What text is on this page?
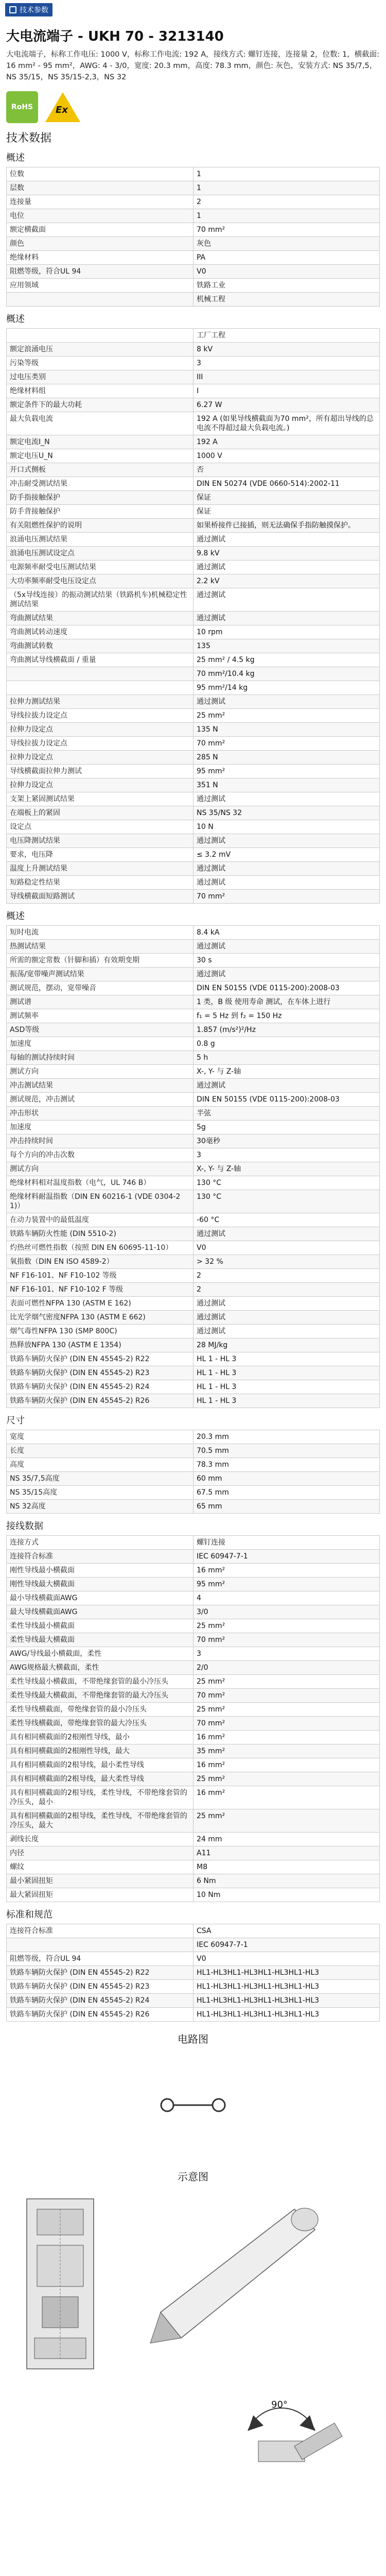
技术参数
大电流端子 - UKH 70 - 3213140

大电流端子，标称工作电压: 1000 V，标称工作电流: 192 A，接线方式: 螺钉连接，连接量 2，位数: 1，横截面: 16 mm² - 95 mm²，AWG: 4 - 3/0，宽度: 20.3 mm，高度: 78.3 mm，颜色: 灰色，安装方式: NS 35/7,5，NS 35/15，NS 35/15-2,3，NS 32

RoHS Ex
技术数据
概述
位数	1
层数	1
连接量	2
电位	1
额定横截面	70 mm²
颜色	灰色
绝缘材料	PA
阻燃等级，符合UL 94	V0
应用领域	铁路工业
	机械工程
概述
	工厂工程
额定浪涌电压	8 kV
污染等级	3
过电压类别	III
绝缘材料组	I
额定条件下的最大功耗	6.27 W
最大负载电流	192 A (如果导线横截面为70 mm²，所有超出导线的总电流不得超过最大负载电流。)
额定电流I_N	192 A
额定电压U_N	1000 V
开口式侧板	否
冲击耐受测试结果	DIN EN 50274 (VDE 0660-514):2002-11
防手指接触保护	保证
防手背接触保护	保证
有关阻燃性保护的说明	如果桥接件已接插，则无法确保手指防触摸保护。
浪涌电压测试结果	通过测试
浪涌电压测试设定点	9.8 kV
电源频率耐受电压测试结果	通过测试
大功率频率耐受电压设定点	2.2 kV
（5x导线连接）的振动测试结果（铁路机车)机械稳定性测试结果	通过测试
弯曲测试结果	通过测试
弯曲测试转动速度	10 rpm
弯曲测试转数	135
弯曲测试导线横截面 / 重量	25 mm² / 4.5 kg
	70 mm²/10.4 kg
	95 mm²/14 kg
拉伸力测试结果	通过测试
导线拉拔力设定点	25 mm²
拉伸力设定点	135 N
导线拉拔力设定点	70 mm²
拉伸力设定点	285 N
导线横截面拉伸力测试	95 mm²
拉伸力设定点	351 N
支架上紧固测试结果	通过测试
在端板上的紧固	NS 35/NS 32
设定点	10 N
电压降测试结果	通过测试
要求，电压降	≤ 3.2 mV
温度上升测试结果	通过测试
短路稳定性结果	通过测试
导线横截面短路测试	70 mm²
概述
短时电流	8.4 kA
热测试结果	通过测试
所需的额定常数（针脚和插）有效期变期	30 s
振荡/宽带噪声测试结果	通过测试
测试规范，摆动，宽带噪音	DIN EN 50155 (VDE 0115-200):2008-03
测试谱	1 类，B 级 使用寿命 测试，在车体上进行
测试频率	f₁ = 5 Hz 到 f₂ = 150 Hz
ASD等级	1.857 (m/s²)²/Hz
加速度	0.8 g
每轴的测试持续时间	5 h
测试方向	X-, Y- 与 Z-轴
冲击测试结果	通过测试
测试规范，冲击测试	DIN EN 50155 (VDE 0115-200):2008-03
冲击形状	半弦
加速度	5g
冲击持续时间	30毫秒
每个方向的冲击次数	3
测试方向	X-, Y- 与 Z-轴
绝缘材料相对温度指数（电气，UL 746 B）	130 °C
绝缘材料耐温指数（DIN EN 60216-1 (VDE 0304-21)）	130 °C
在动力装置中的最低温度	-60 °C
铁路车辆防火性能 (DIN 5510-2)	通过测试
灼热丝可燃性指数（按照 DIN EN 60695-11-10）	V0
氧指数（DIN EN ISO 4589-2）	> 32 %
NF F16-101、NF F10-102 等级	2
NF F16-101、NF F10-102 F 等级	2
表面可燃性NFPA 130 (ASTM E 162)	通过测试
比光学烟气密度NFPA 130 (ASTM E 662)	通过测试
烟气毒性NFPA 130 (SMP 800C)	通过测试
热释放NFPA 130 (ASTM E 1354)	28 MJ/kg
铁路车辆防火保护 (DIN EN 45545-2) R22	HL 1 - HL 3
铁路车辆防火保护 (DIN EN 45545-2) R23	HL 1 - HL 3
铁路车辆防火保护 (DIN EN 45545-2) R24	HL 1 - HL 3
铁路车辆防火保护 (DIN EN 45545-2) R26	HL 1 - HL 3
尺寸
宽度	20.3 mm
长度	70.5 mm
高度	78.3 mm
NS 35/7,5高度	60 mm
NS 35/15高度	67.5 mm
NS 32高度	65 mm
接线数据
连接方式	螺钉连接
连接符合标准	IEC 60947-7-1
刚性导线最小横截面	16 mm²
刚性导线最大横截面	95 mm²
最小导线横截面AWG	4
最大导线横截面AWG	3/0
柔性导线最小横截面	25 mm²
柔性导线最大横截面	70 mm²
AWG/导线最小横截面，柔性	3
AWG规格最大横截面，柔性	2/0
柔性导线最小横截面，不带绝缘套管的最小冷压头	25 mm²
柔性导线最大横截面，不带绝缘套管的最大冷压头	70 mm²
柔性导线横截面，带绝缘套管的最小冷压头	25 mm²
柔性导线横截面，带绝缘套管的最大冷压头	70 mm²
具有相同横截面的2根刚性导线，最小	16 mm²
具有相同横截面的2根刚性导线，最大	35 mm²
具有相同横截面的2根导线，最小柔性导线	16 mm²
具有相同横截面的2根导线，最大柔性导线	25 mm²
具有相同横截面的2根导线，柔性导线，不带绝缘套管的冷压头，最小	16 mm²
具有相同横截面的2根导线，柔性导线，不带绝缘套管的冷压头，最大	25 mm²
剥线长度	24 mm
内径	A11
螺纹	M8
最小紧固扭矩	6 Nm
最大紧固扭矩	10 Nm
标准和规范
连接符合标准	CSA
	IEC 60947-7-1
阻燃等级，符合UL 94	V0
铁路车辆防火保护 (DIN EN 45545-2) R22	HL1-HL3HL1-HL3HL1-HL3HL1-HL3
铁路车辆防火保护 (DIN EN 45545-2) R23	HL1-HL3HL1-HL3HL1-HL3HL1-HL3
铁路车辆防火保护 (DIN EN 45545-2) R24	HL1-HL3HL1-HL3HL1-HL3HL1-HL3
铁路车辆防火保护 (DIN EN 45545-2) R26	HL1-HL3HL1-HL3HL1-HL3HL1-HL3
电路图
示意图
90°
